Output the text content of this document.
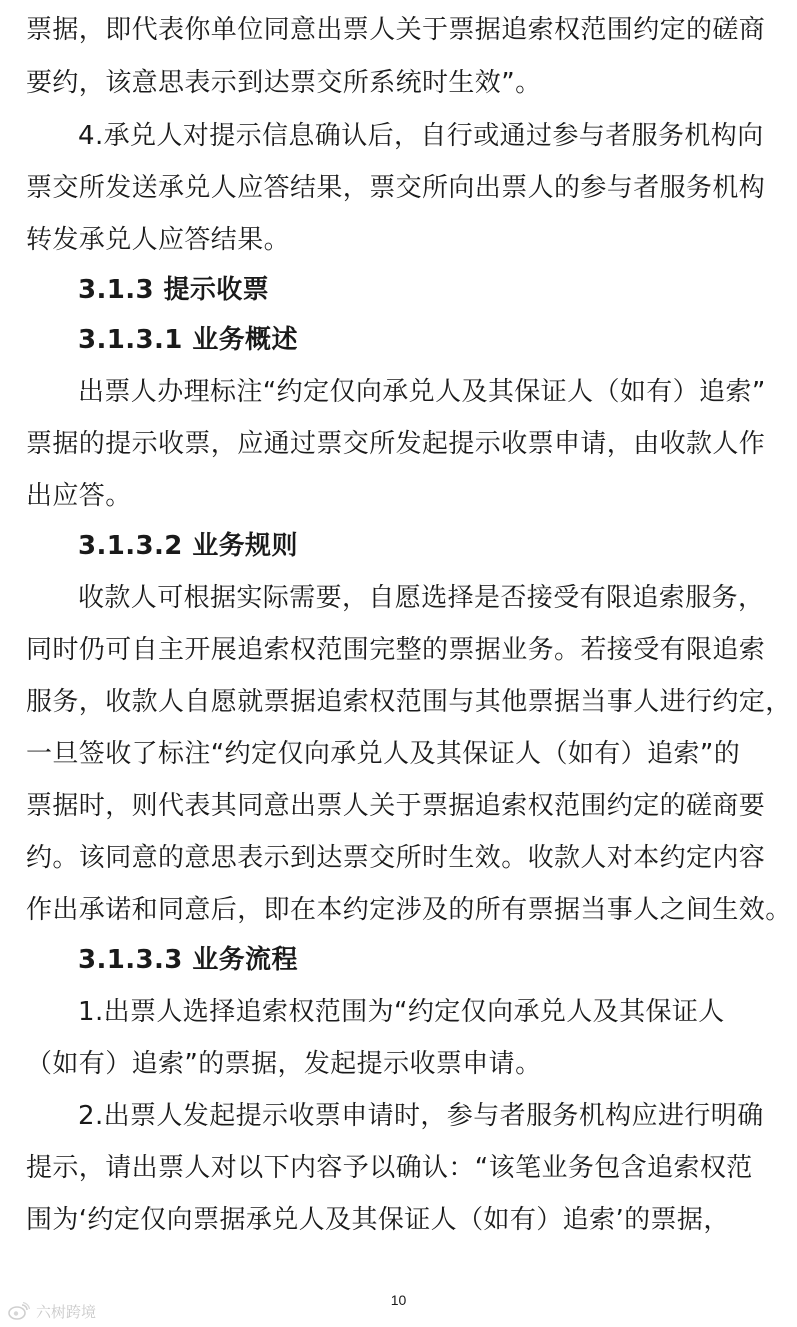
票据，即代表你单位同意出票人关于票据追索权范围约定的磋商
要约，该意思表示到达票交所系统时生效”。
4.承兑人对提示信息确认后，自行或通过参与者服务机构向
票交所发送承兑人应答结果，票交所向出票人的参与者服务机构
转发承兑人应答结果。
3.1.3 提示收票
3.1.3.1 业务概述
出票人办理标注“约定仅向承兑人及其保证人（如有）追索”
票据的提示收票，应通过票交所发起提示收票申请，由收款人作
出应答。
3.1.3.2 业务规则
收款人可根据实际需要，自愿选择是否接受有限追索服务，
同时仍可自主开展追索权范围完整的票据业务。若接受有限追索
服务，收款人自愿就票据追索权范围与其他票据当事人进行约定，
一旦签收了标注“约定仅向承兑人及其保证人（如有）追索”的
票据时，则代表其同意出票人关于票据追索权范围约定的磋商要
约。该同意的意思表示到达票交所时生效。收款人对本约定内容
作出承诺和同意后，即在本约定涉及的所有票据当事人之间生效。
3.1.3.3 业务流程
1.出票人选择追索权范围为“约定仅向承兑人及其保证人
（如有）追索”的票据，发起提示收票申请。
2.出票人发起提示收票申请时，参与者服务机构应进行明确
提示，请出票人对以下内容予以确认：“该笔业务包含追索权范
围为‘约定仅向票据承兑人及其保证人（如有）追索’的票据，
10
六树跨境
